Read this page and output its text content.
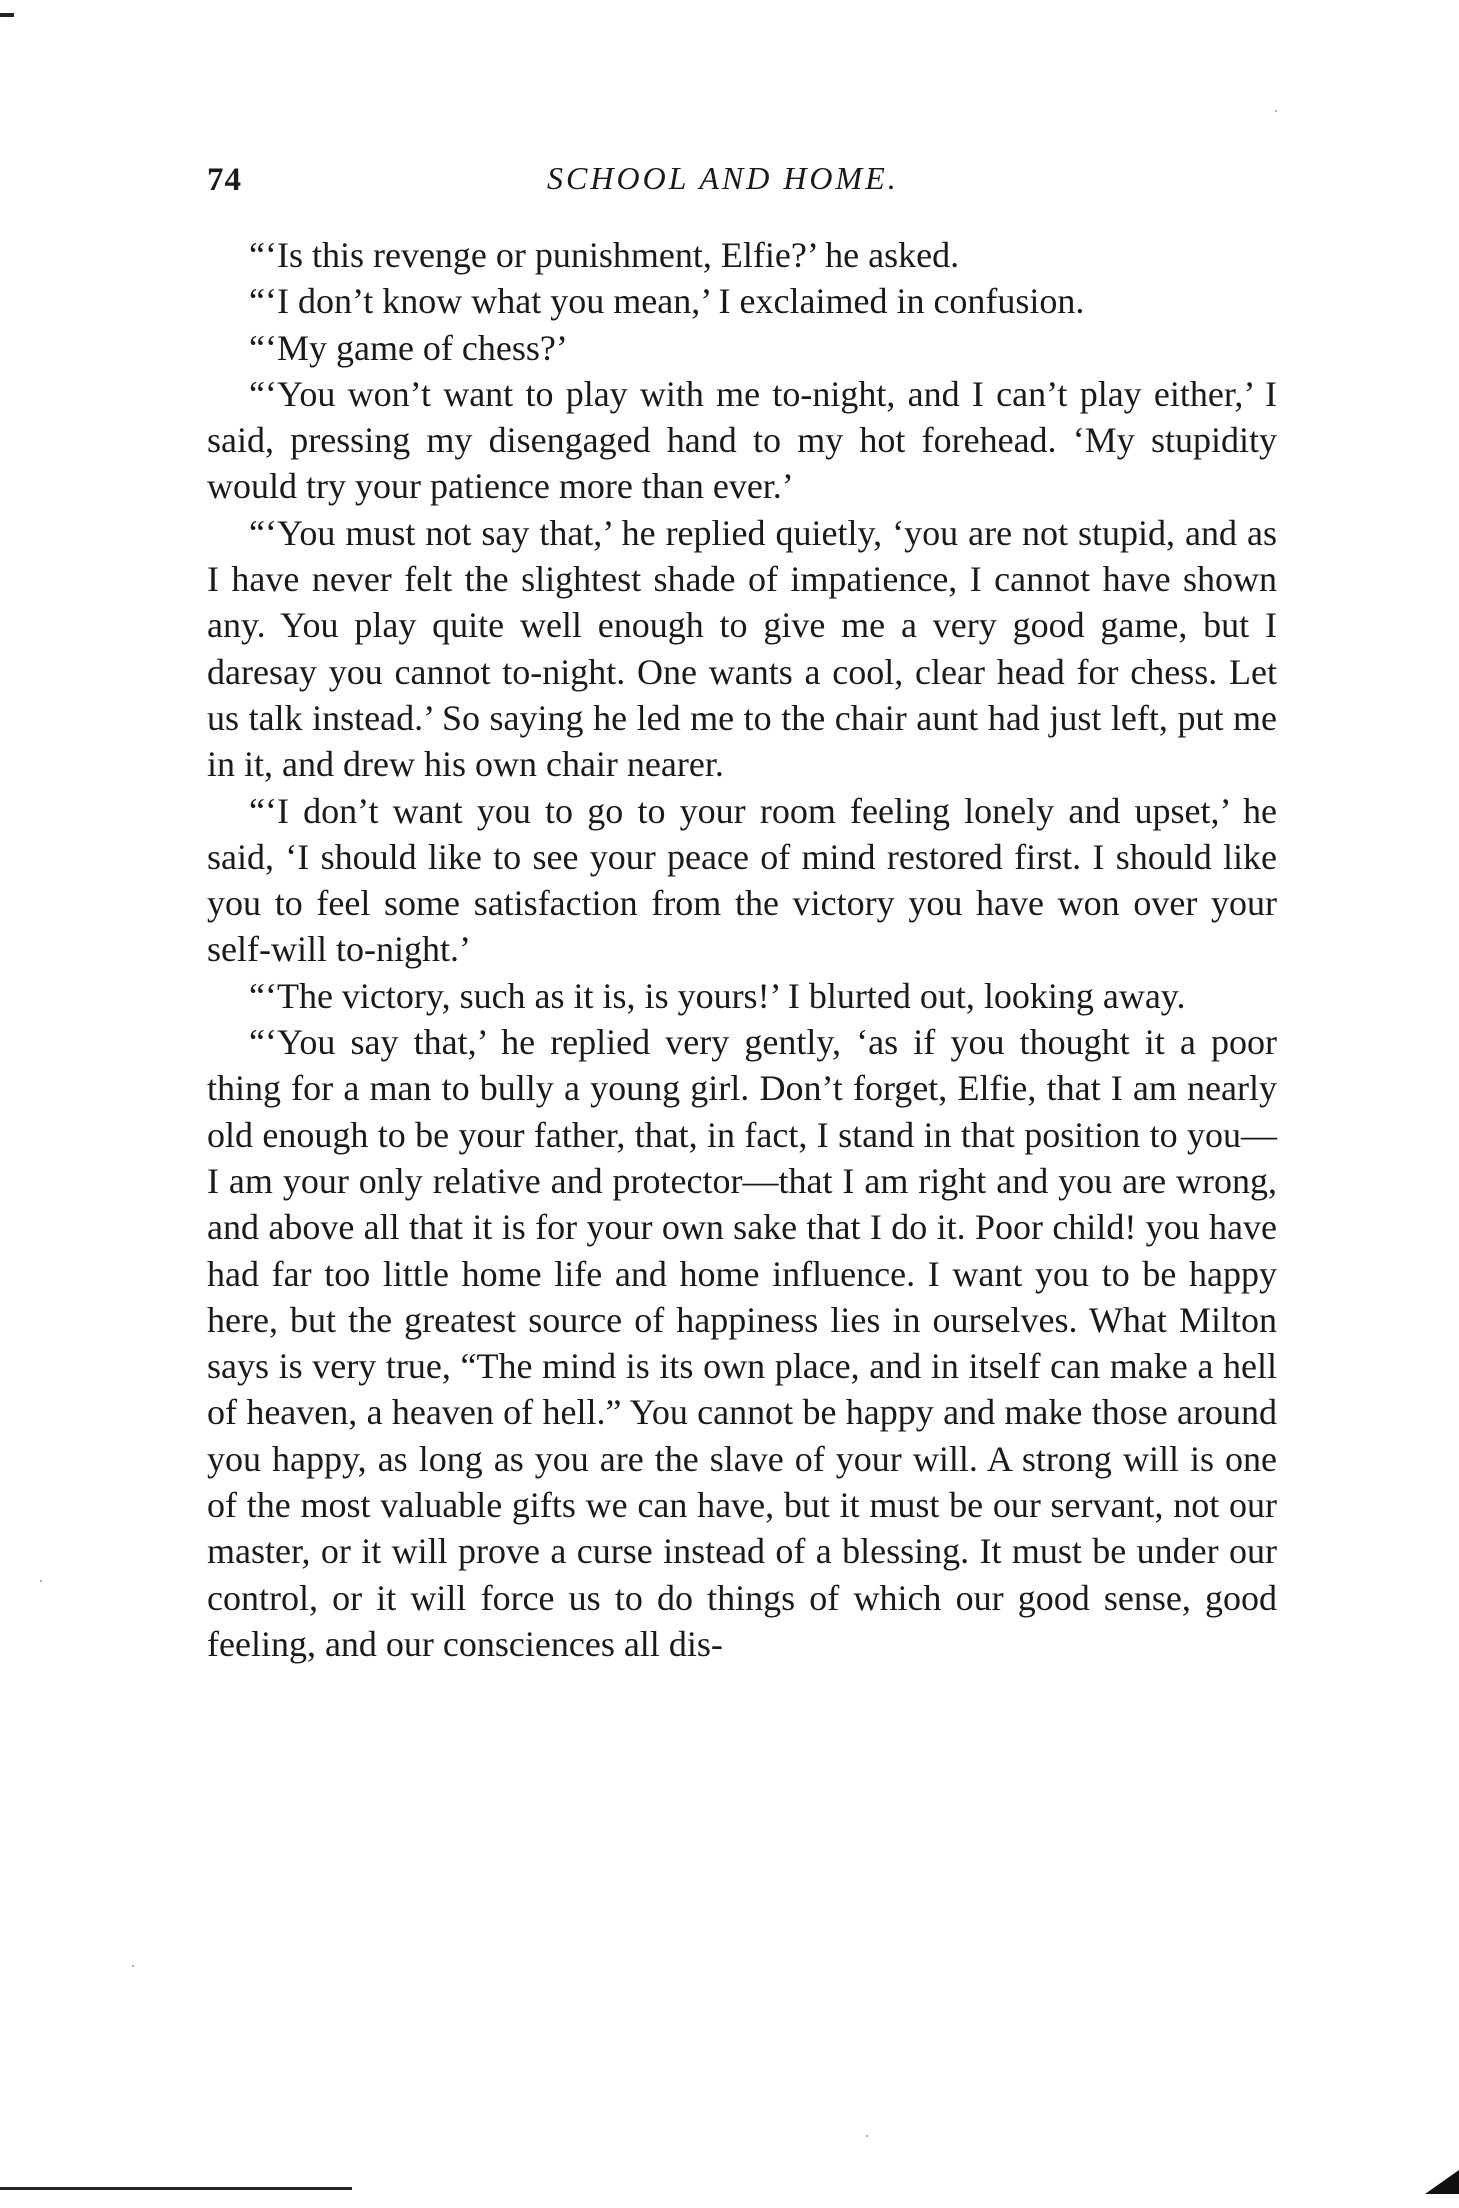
74	SCHOOL AND HOME.

“‘Is this revenge or punishment, Elfie?’ he asked.

“‘I don’t know what you mean,’ I exclaimed in confusion.

“‘My game of chess?’

“‘You won’t want to play with me to-night, and I can’t play either,’ I said, pressing my disengaged hand to my hot forehead. ‘My stupidity would try your patience more than ever.’

“‘You must not say that,’ he replied quietly, ‘you are not stupid, and as I have never felt the slightest shade of impatience, I cannot have shown any. You play quite well enough to give me a very good game, but I daresay you cannot to-night. One wants a cool, clear head for chess. Let us talk instead.’ So saying he led me to the chair aunt had just left, put me in it, and drew his own chair nearer.

“‘I don’t want you to go to your room feeling lonely and upset,’ he said, ‘I should like to see your peace of mind restored first. I should like you to feel some satisfaction from the victory you have won over your self-will to-night.’

“‘The victory, such as it is, is yours!’ I blurted out, looking away.

“‘You say that,’ he replied very gently, ‘as if you thought it a poor thing for a man to bully a young girl. Don’t forget, Elfie, that I am nearly old enough to be your father, that, in fact, I stand in that position to you—I am your only relative and protector—that I am right and you are wrong, and above all that it is for your own sake that I do it. Poor child! you have had far too little home life and home influence. I want you to be happy here, but the greatest source of happiness lies in ourselves. What Milton says is very true, “The mind is its own place, and in itself can make a hell of heaven, a heaven of hell.” You cannot be happy and make those around you happy, as long as you are the slave of your will. A strong will is one of the most valuable gifts we can have, but it must be our servant, not our master, or it will prove a curse instead of a blessing. It must be under our control, or it will force us to do things of which our good sense, good feeling, and our consciences all dis-
